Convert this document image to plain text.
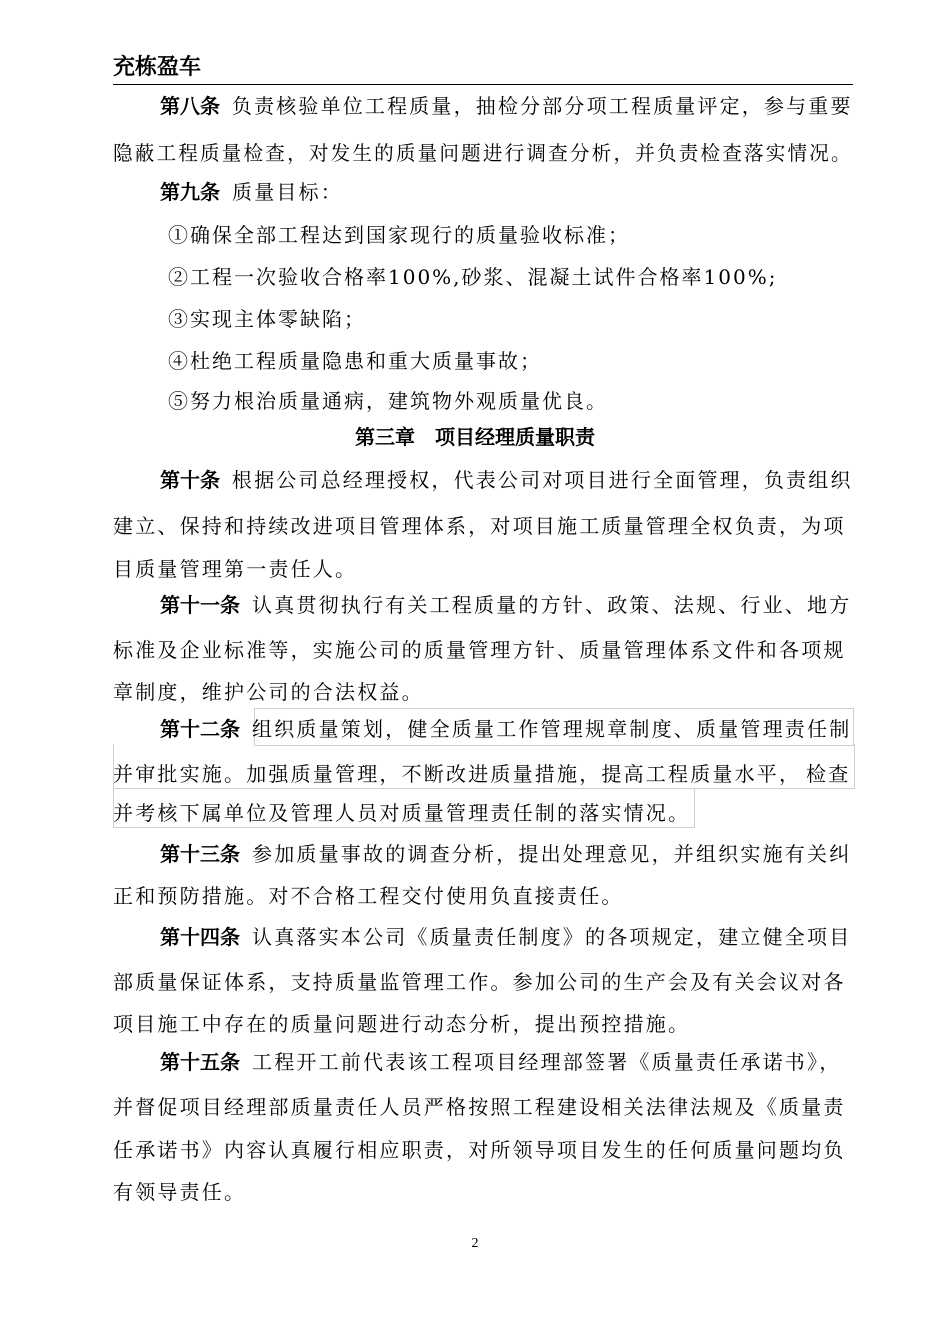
充栋盈车
第八条 负责核验单位工程质量，抽检分部分项工程质量评定，参与重要
隐蔽工程质量检查，对发生的质量问题进行调查分析，并负责检查落实情况。
第九条 质量目标：
①确保全部工程达到国家现行的质量验收标准；
②工程一次验收合格率100%,砂浆、混凝土试件合格率100%;
③实现主体零缺陷；
④杜绝工程质量隐患和重大质量事故；
⑤努力根治质量通病，建筑物外观质量优良。
第三章 项目经理质量职责
第十条 根据公司总经理授权，代表公司对项目进行全面管理，负责组织
建立、保持和持续改进项目管理体系，对项目施工质量管理全权负责，为项
目质量管理第一责任人。
第十一条 认真贯彻执行有关工程质量的方针、政策、法规、行业、地方
标准及企业标准等，实施公司的质量管理方针、质量管理体系文件和各项规
章制度，维护公司的合法权益。
第十二条 组织质量策划，健全质量工作管理规章制度、质量管理责任制
并审批实施。加强质量管理，不断改进质量措施，提高工程质量水平， 检查
并考核下属单位及管理人员对质量管理责任制的落实情况。
第十三条 参加质量事故的调查分析，提出处理意见，并组织实施有关纠
正和预防措施。对不合格工程交付使用负直接责任。
第十四条 认真落实本公司《质量责任制度》的各项规定，建立健全项目
部质量保证体系，支持质量监管理工作。参加公司的生产会及有关会议对各
项目施工中存在的质量问题进行动态分析，提出预控措施。
第十五条 工程开工前代表该工程项目经理部签署《质量责任承诺书》，
并督促项目经理部质量责任人员严格按照工程建设相关法律法规及《质量责
任承诺书》内容认真履行相应职责，对所领导项目发生的任何质量问题均负
有领导责任。
2
